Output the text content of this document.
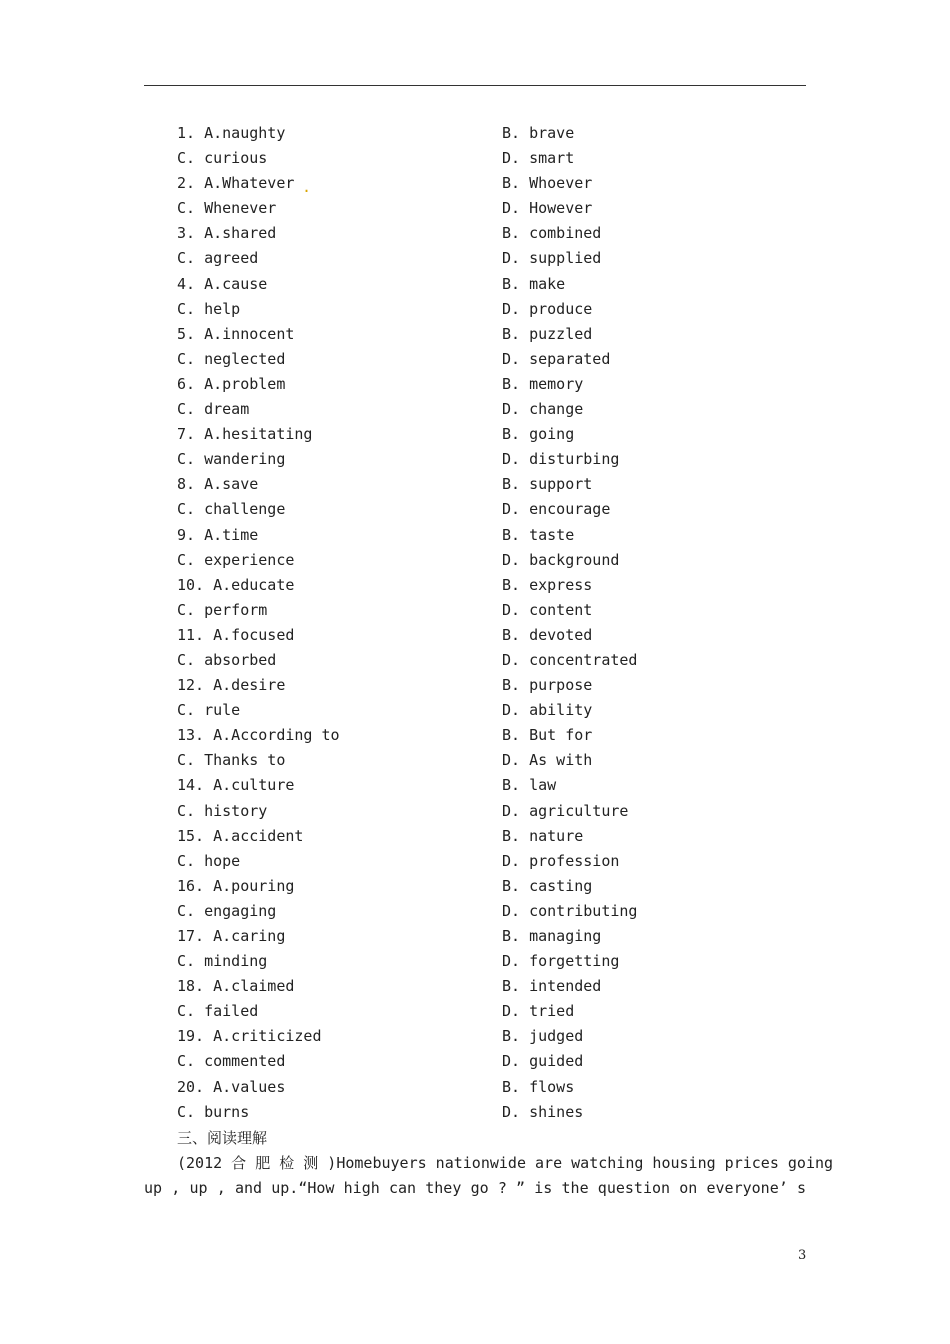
1. A.naughty	B. brave
C. curious	D. smart
2. A.Whatever	B. Whoever
.
C. Whenever	D. However
3. A.shared	B. combined
C. agreed	D. supplied
4. A.cause	B. make
C. help	D. produce
5. A.innocent	B. puzzled
C. neglected	D. separated
6. A.problem	B. memory
C. dream	D. change
7. A.hesitating	B. going
C. wandering	D. disturbing
8. A.save	B. support
C. challenge	D. encourage
9. A.time	B. taste
C. experience	D. background
10. A.educate	B. express
C. perform	D. content
11. A.focused	B. devoted
C. absorbed	D. concentrated
12. A.desire	B. purpose
C. rule	D. ability
13. A.According to	B. But for
C. Thanks to	D. As with
14. A.culture	B. law
C. history	D. agriculture
15. A.accident	B. nature
C. hope	D. profession
16. A.pouring	B. casting
C. engaging	D. contributing
17. A.caring	B. managing
C. minding	D. forgetting
18. A.claimed	B. intended
C. failed	D. tried
19. A.criticized	B. judged
C. commented	D. guided
20. A.values	B. flows
C. burns	D. shines
三、阅读理解
(2012 合 肥 检 测 )Homebuyers nationwide are watching housing prices going
up , up , and up.“How high can they go ? ” is the question on everyone’ s
3
